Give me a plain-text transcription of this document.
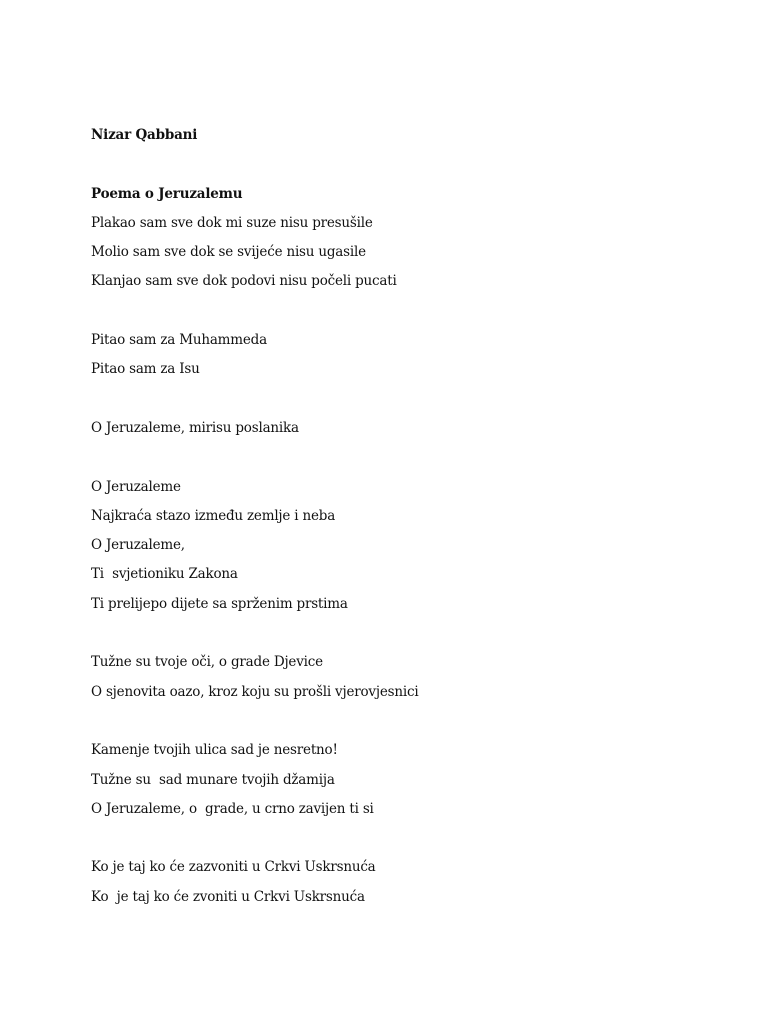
Nizar Qabbani
Poema o Jeruzalemu
Plakao sam sve dok mi suze nisu presušile
Molio sam sve dok se svijeće nisu ugasile
Klanjao sam sve dok podovi nisu počeli pucati
Pitao sam za Muhammeda
Pitao sam za Isu
O Jeruzaleme, mirisu poslanika
O Jeruzaleme
Najkraća stazo između zemlje i neba
O Jeruzaleme,
Ti  svjetioniku Zakona
Ti prelijepo dijete sa sprženim prstima
Tužne su tvoje oči, o grade Djevice
O sjenovita oazo, kroz koju su prošli vjerovjesnici
Kamenje tvojih ulica sad je nesretno!
Tužne su  sad munare tvojih džamija
O Jeruzaleme, o  grade, u crno zavijen ti si
Ko je taj ko će zazvoniti u Crkvi Uskrsnuća
Ko  je taj ko će zvoniti u Crkvi Uskrsnuća
